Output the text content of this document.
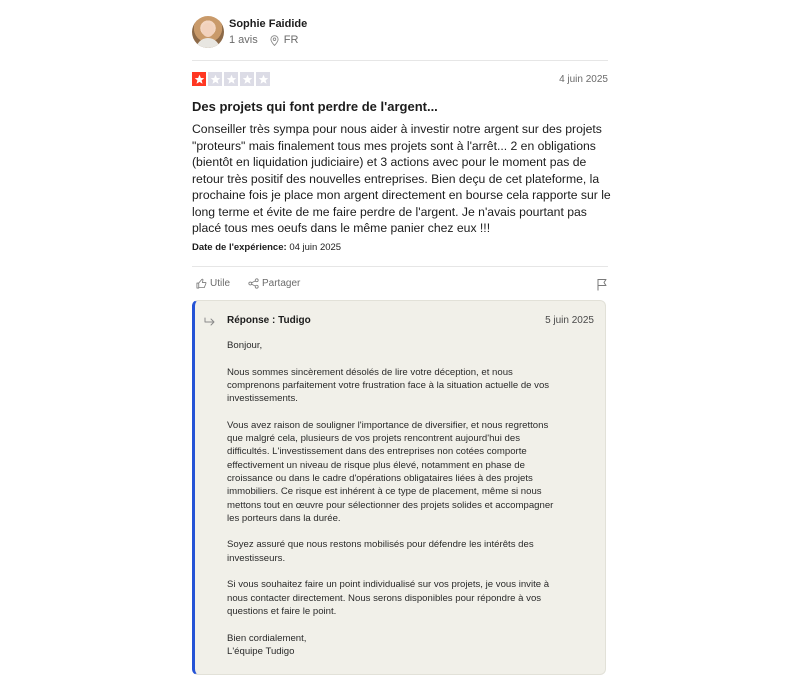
Sophie Faidide
1 avis FR
4 juin 2025
Des projets qui font perdre de l'argent...
Conseiller très sympa pour nous aider à investir notre argent sur des projets
"proteurs" mais finalement tous mes projets sont à l'arrêt... 2 en obligations
(bientôt en liquidation judiciaire) et 3 actions avec pour le moment pas de
retour très positif des nouvelles entreprises. Bien deçu de cet plateforme, la
prochaine fois je place mon argent directement en bourse cela rapporte sur le
long terme et évite de me faire perdre de l'argent. Je n'avais pourtant pas
placé tous mes oeufs dans le même panier chez eux !!!
Date de l'expérience: 04 juin 2025
Utile	Partager
Réponse : Tudigo	5 juin 2025

Bonjour,

Nous sommes sincèrement désolés de lire votre déception, et nous
comprenons parfaitement votre frustration face à la situation actuelle de vos
investissements.

Vous avez raison de souligner l'importance de diversifier, et nous regrettons
que malgré cela, plusieurs de vos projets rencontrent aujourd'hui des
difficultés. L'investissement dans des entreprises non cotées comporte
effectivement un niveau de risque plus élevé, notamment en phase de
croissance ou dans le cadre d'opérations obligataires liées à des projets
immobiliers. Ce risque est inhérent à ce type de placement, même si nous
mettons tout en œuvre pour sélectionner des projets solides et accompagner
les porteurs dans la durée.

Soyez assuré que nous restons mobilisés pour défendre les intérêts des
investisseurs.

Si vous souhaitez faire un point individualisé sur vos projets, je vous invite à
nous contacter directement. Nous serons disponibles pour répondre à vos
questions et faire le point.

Bien cordialement,
L'équipe Tudigo
